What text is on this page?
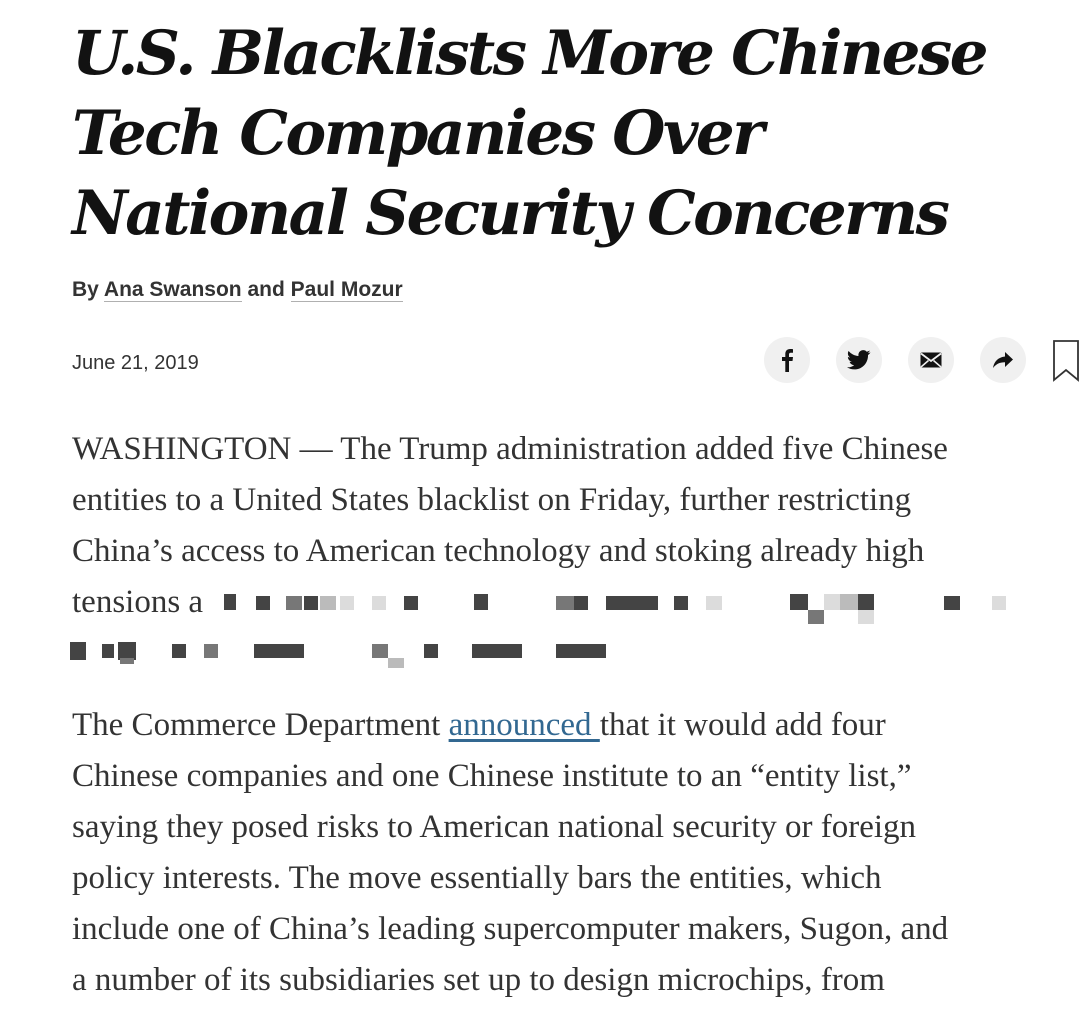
U.S. Blacklists More Chinese
Tech Companies Over
National Security Concerns
By Ana Swanson and Paul Mozur
June 21, 2019
WASHINGTON — The Trump administration added five Chinese
entities to a United States blacklist on Friday, further restricting
China’s access to American technology and stoking already high
tensions a
The Commerce Department announced that it would add four
Chinese companies and one Chinese institute to an “entity list,”
saying they posed risks to American national security or foreign
policy interests. The move essentially bars the entities, which
include one of China’s leading supercomputer makers, Sugon, and
a number of its subsidiaries set up to design microchips, from
